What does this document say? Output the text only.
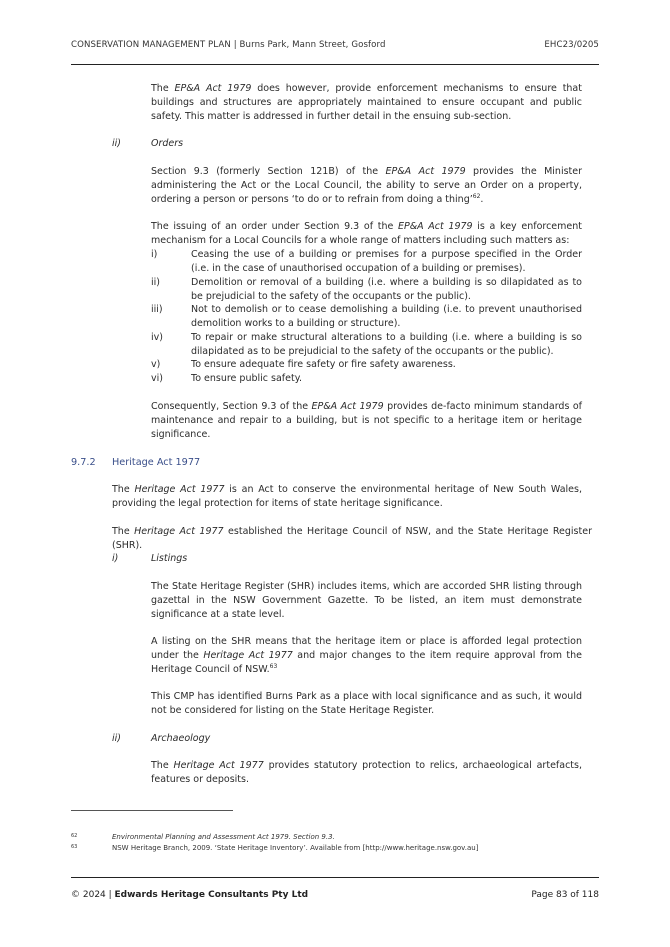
CONSERVATION MANAGEMENT PLAN | Burns Park, Mann Street, Gosford	EHC23/0205

The EP&A Act 1979 does however, provide enforcement mechanisms to ensure that buildings and structures are appropriately maintained to ensure occupant and public safety. This matter is addressed in further detail in the ensuing sub-section.

ii)	Orders

Section 9.3 (formerly Section 121B) of the EP&A Act 1979 provides the Minister administering the Act or the Local Council, the ability to serve an Order on a property, ordering a person or persons ‘to do or to refrain from doing a thing’$^{62}$.

The issuing of an order under Section 9.3 of the EP&A Act 1979 is a key enforcement mechanism for a Local Councils for a whole range of matters including such matters as:

i)	Ceasing the use of a building or premises for a purpose specified in the Order (i.e. in the case of unauthorised occupation of a building or premises).
ii)	Demolition or removal of a building (i.e. where a building is so dilapidated as to be prejudicial to the safety of the occupants or the public).
iii)	Not to demolish or to cease demolishing a building (i.e. to prevent unauthorised demolition works to a building or structure).
iv)	To repair or make structural alterations to a building (i.e. where a building is so dilapidated as to be prejudicial to the safety of the occupants or the public).
v)	To ensure adequate fire safety or fire safety awareness.
vi)	To ensure public safety.

Consequently, Section 9.3 of the EP&A Act 1979 provides de-facto minimum standards of maintenance and repair to a building, but is not specific to a heritage item or heritage significance.

9.7.2 Heritage Act 1977

The Heritage Act 1977 is an Act to conserve the environmental heritage of New South Wales, providing the legal protection for items of state heritage significance.

The Heritage Act 1977 established the Heritage Council of NSW, and the State Heritage Register (SHR).

i)	Listings

The State Heritage Register (SHR) includes items, which are accorded SHR listing through gazettal in the NSW Government Gazette. To be listed, an item must demonstrate significance at a state level.

A listing on the SHR means that the heritage item or place is afforded legal protection under the Heritage Act 1977 and major changes to the item require approval from the Heritage Council of NSW.$^{63}$

This CMP has identified Burns Park as a place with local significance and as such, it would not be considered for listing on the State Heritage Register.

ii)	Archaeology

The Heritage Act 1977 provides statutory protection to relics, archaeological artefacts, features or deposits.

62	Environmental Planning and Assessment Act 1979. Section 9.3.
63	NSW Heritage Branch, 2009. ‘State Heritage Inventory’. Available from [http://www.heritage.nsw.gov.au]
© 2024 | Edwards Heritage Consultants Pty Ltd	Page 83 of 118
